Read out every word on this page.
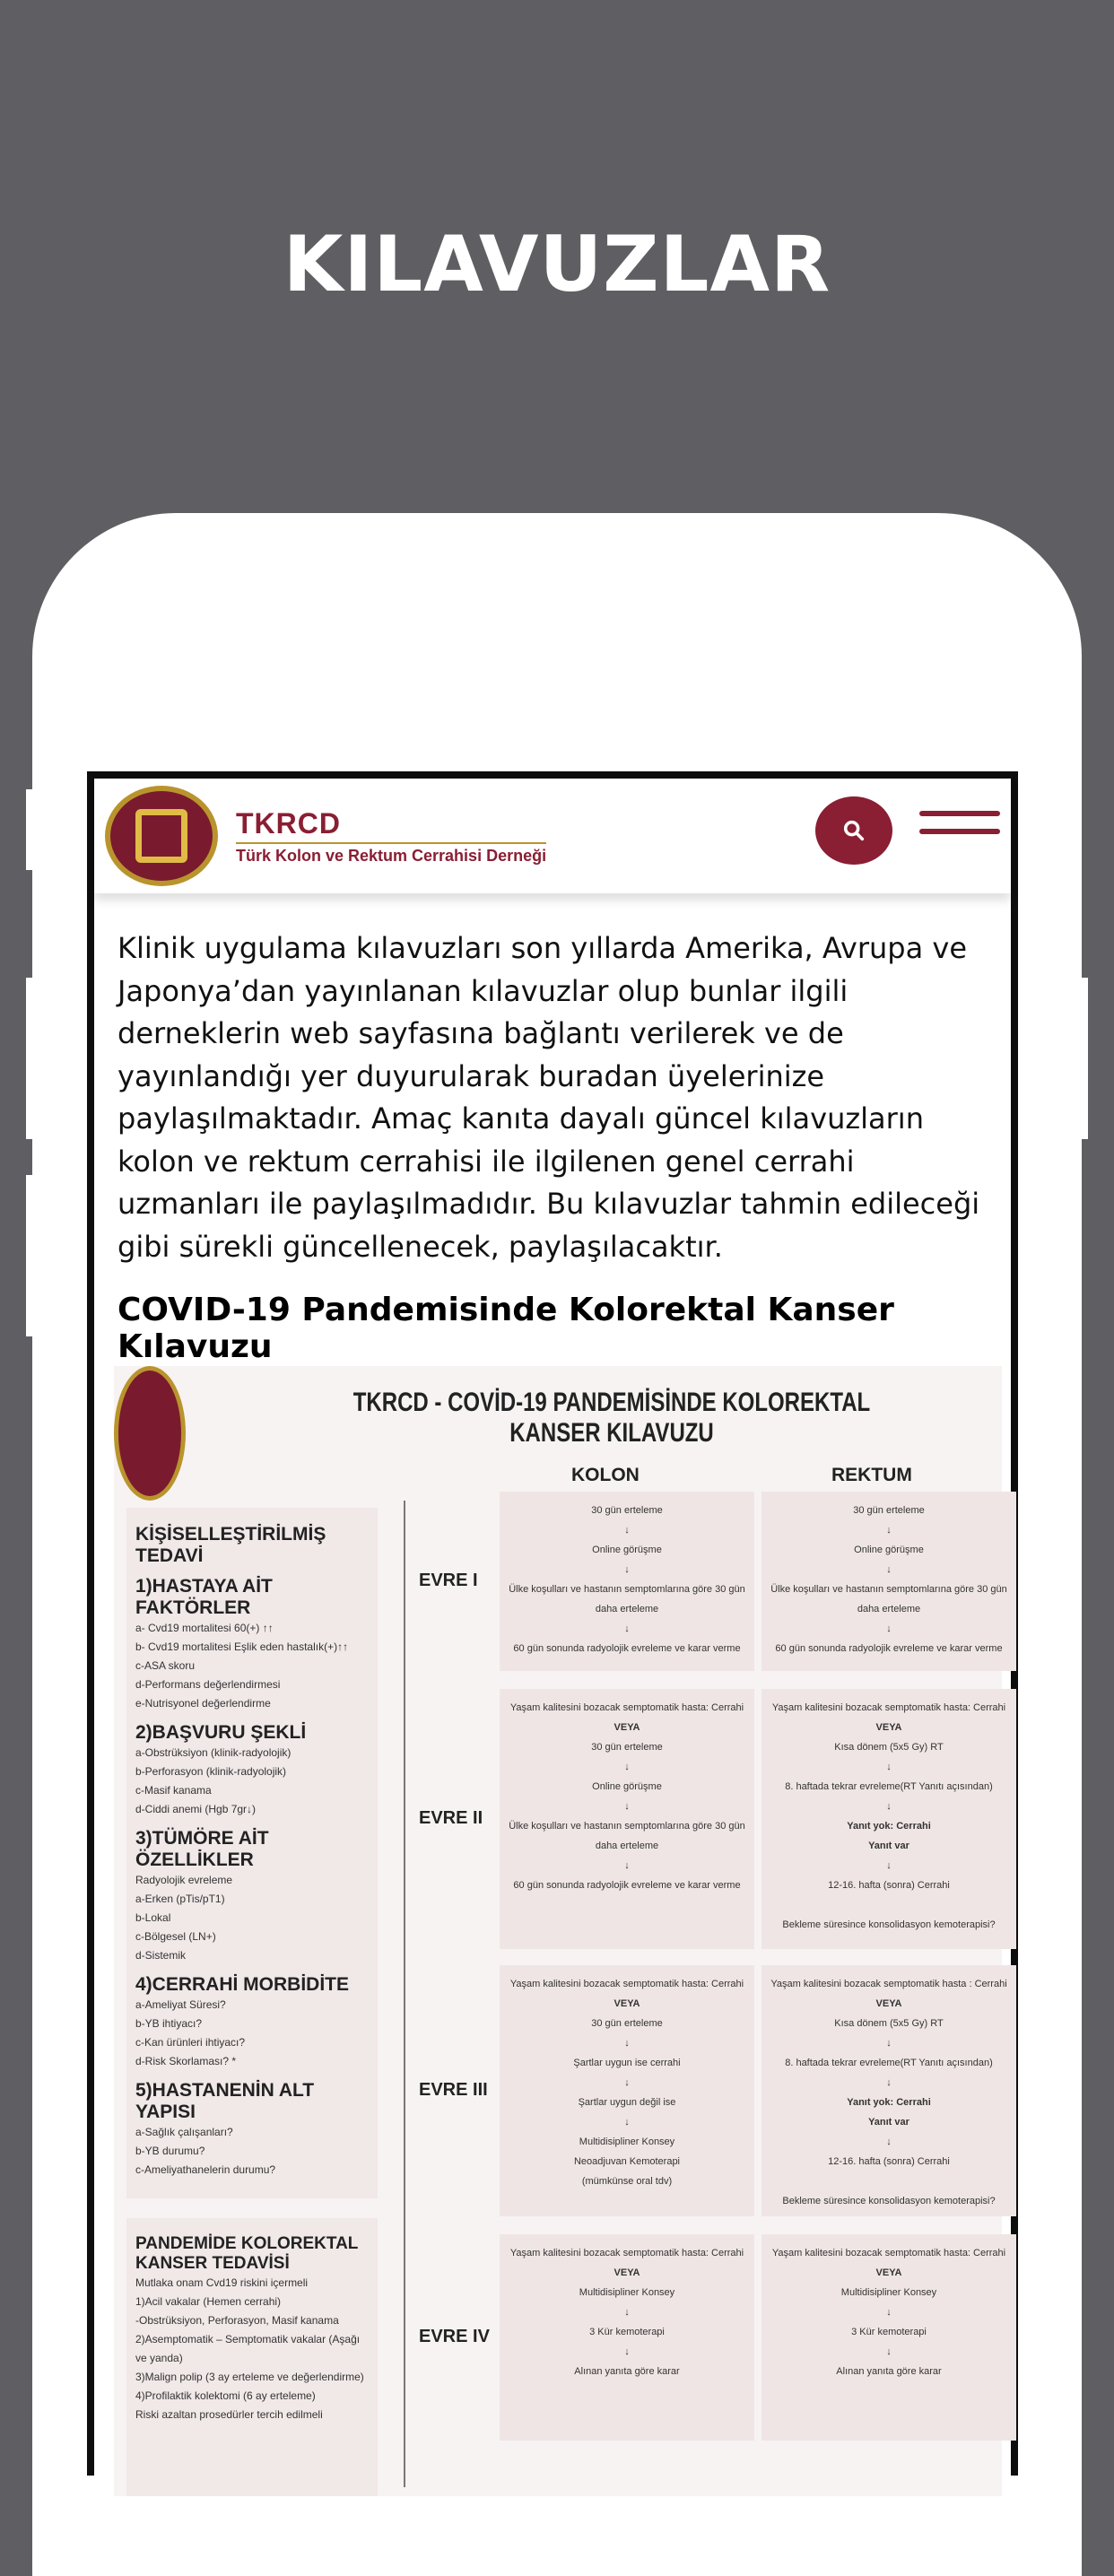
KILAVUZLAR
TKRCD
Türk Kolon ve Rektum Cerrahisi Derneği
Klinik uygulama kılavuzları son yıllarda Amerika, Avrupa ve Japonya’dan yayınlanan kılavuzlar olup bunlar ilgili derneklerin web sayfasına bağlantı verilerek ve de yayınlandığı yer duyurularak buradan üyelerinize paylaşılmaktadır. Amaç kanıta dayalı güncel kılavuzların kolon ve rektum cerrahisi ile ilgilenen genel cerrahi uzmanları ile paylaşılmadıdır. Bu kılavuzlar tahmin edileceği gibi sürekli güncellenecek, paylaşılacaktır.
COVID-19 Pandemisinde Kolorektal Kanser Kılavuzu
TKRCD - COVİD-19 PANDEMİSİNDE KOLOREKTAL KANSER KILAVUZU
KOLON	REKTUM
KİŞİSELLEŞTİRİLMİŞ TEDAVİ
1)HASTAYA AİT FAKTÖRLER
a- Cvd19 mortalitesi 60(+) ↑↑
b- Cvd19 mortalitesi Eşlik eden hastalık(+)↑↑
c-ASA skoru
d-Performans değerlendirmesi
e-Nutrisyonel değerlendirme
2)BAŞVURU ŞEKLİ
a-Obstrüksiyon (klinik-radyolojik)
b-Perforasyon (klinik-radyolojik)
c-Masif kanama
d-Ciddi anemi (Hgb 7gr↓)
3)TÜMÖRE AİT ÖZELLİKLER
Radyolojik evreleme
a-Erken (pTis/pT1)
b-Lokal
c-Bölgesel (LN+)
d-Sistemik
4)CERRAHİ MORBİDİTE
a-Ameliyat Süresi?
b-YB ihtiyacı?
c-Kan ürünleri ihtiyacı?
d-Risk Skorlaması? *
5)HASTANENİN ALT YAPISI
a-Sağlık çalışanları?
b-YB durumu?
c-Ameliyathanelerin durumu?
PANDEMİDE KOLOREKTAL KANSER TEDAVİSİ
Mutlaka onam Cvd19 riskini içermeli
1)Acil vakalar (Hemen cerrahi)
-Obstrüksiyon, Perforasyon, Masif kanama
2)Asemptomatik – Semptomatik vakalar (Aşağı ve yanda)
3)Malign polip (3 ay erteleme ve değerlendirme)
4)Profilaktik kolektomi (6 ay erteleme)
Riski azaltan prosedürler tercih edilmeli
EVRE I
30 gün erteleme
↓
Online görüşme
↓
Ülke koşulları ve hastanın semptomlarına göre 30 gün daha erteleme
↓
60 gün sonunda radyolojik evreleme ve karar verme
30 gün erteleme
↓
Online görüşme
↓
Ülke koşulları ve hastanın semptomlarına göre 30 gün daha erteleme
↓
60 gün sonunda radyolojik evreleme ve karar verme
EVRE II
Yaşam kalitesini bozacak semptomatik hasta: Cerrahi
VEYA
30 gün erteleme
↓
Online görüşme
↓
Ülke koşulları ve hastanın semptomlarına göre 30 gün daha erteleme
↓
60 gün sonunda radyolojik evreleme ve karar verme
Yaşam kalitesini bozacak semptomatik hasta: Cerrahi
VEYA
Kısa dönem (5x5 Gy) RT
↓
8. haftada tekrar evreleme(RT Yanıtı açısından)
↓
Yanıt yok: Cerrahi
Yanıt var
↓
12-16. hafta (sonra) Cerrahi

Bekleme süresince konsolidasyon kemoterapisi?
EVRE III
Yaşam kalitesini bozacak semptomatik hasta: Cerrahi
VEYA
30 gün erteleme
↓
Şartlar uygun ise cerrahi
↓
Şartlar uygun değil ise
↓
Multidisipliner Konsey
Neoadjuvan Kemoterapi
(mümkünse oral tdv)
Yaşam kalitesini bozacak semptomatik hasta : Cerrahi
VEYA
Kısa dönem (5x5 Gy) RT
↓
8. haftada tekrar evreleme(RT Yanıtı açısından)
↓
Yanıt yok: Cerrahi
Yanıt var
↓
12-16. hafta (sonra) Cerrahi

Bekleme süresince konsolidasyon kemoterapisi?
EVRE IV
Yaşam kalitesini bozacak semptomatik hasta: Cerrahi
VEYA
Multidisipliner Konsey
↓
3 Kür kemoterapi
↓
Alınan yanıta göre karar
Yaşam kalitesini bozacak semptomatik hasta: Cerrahi
VEYA
Multidisipliner Konsey
↓
3 Kür kemoterapi
↓
Alınan yanıta göre karar
